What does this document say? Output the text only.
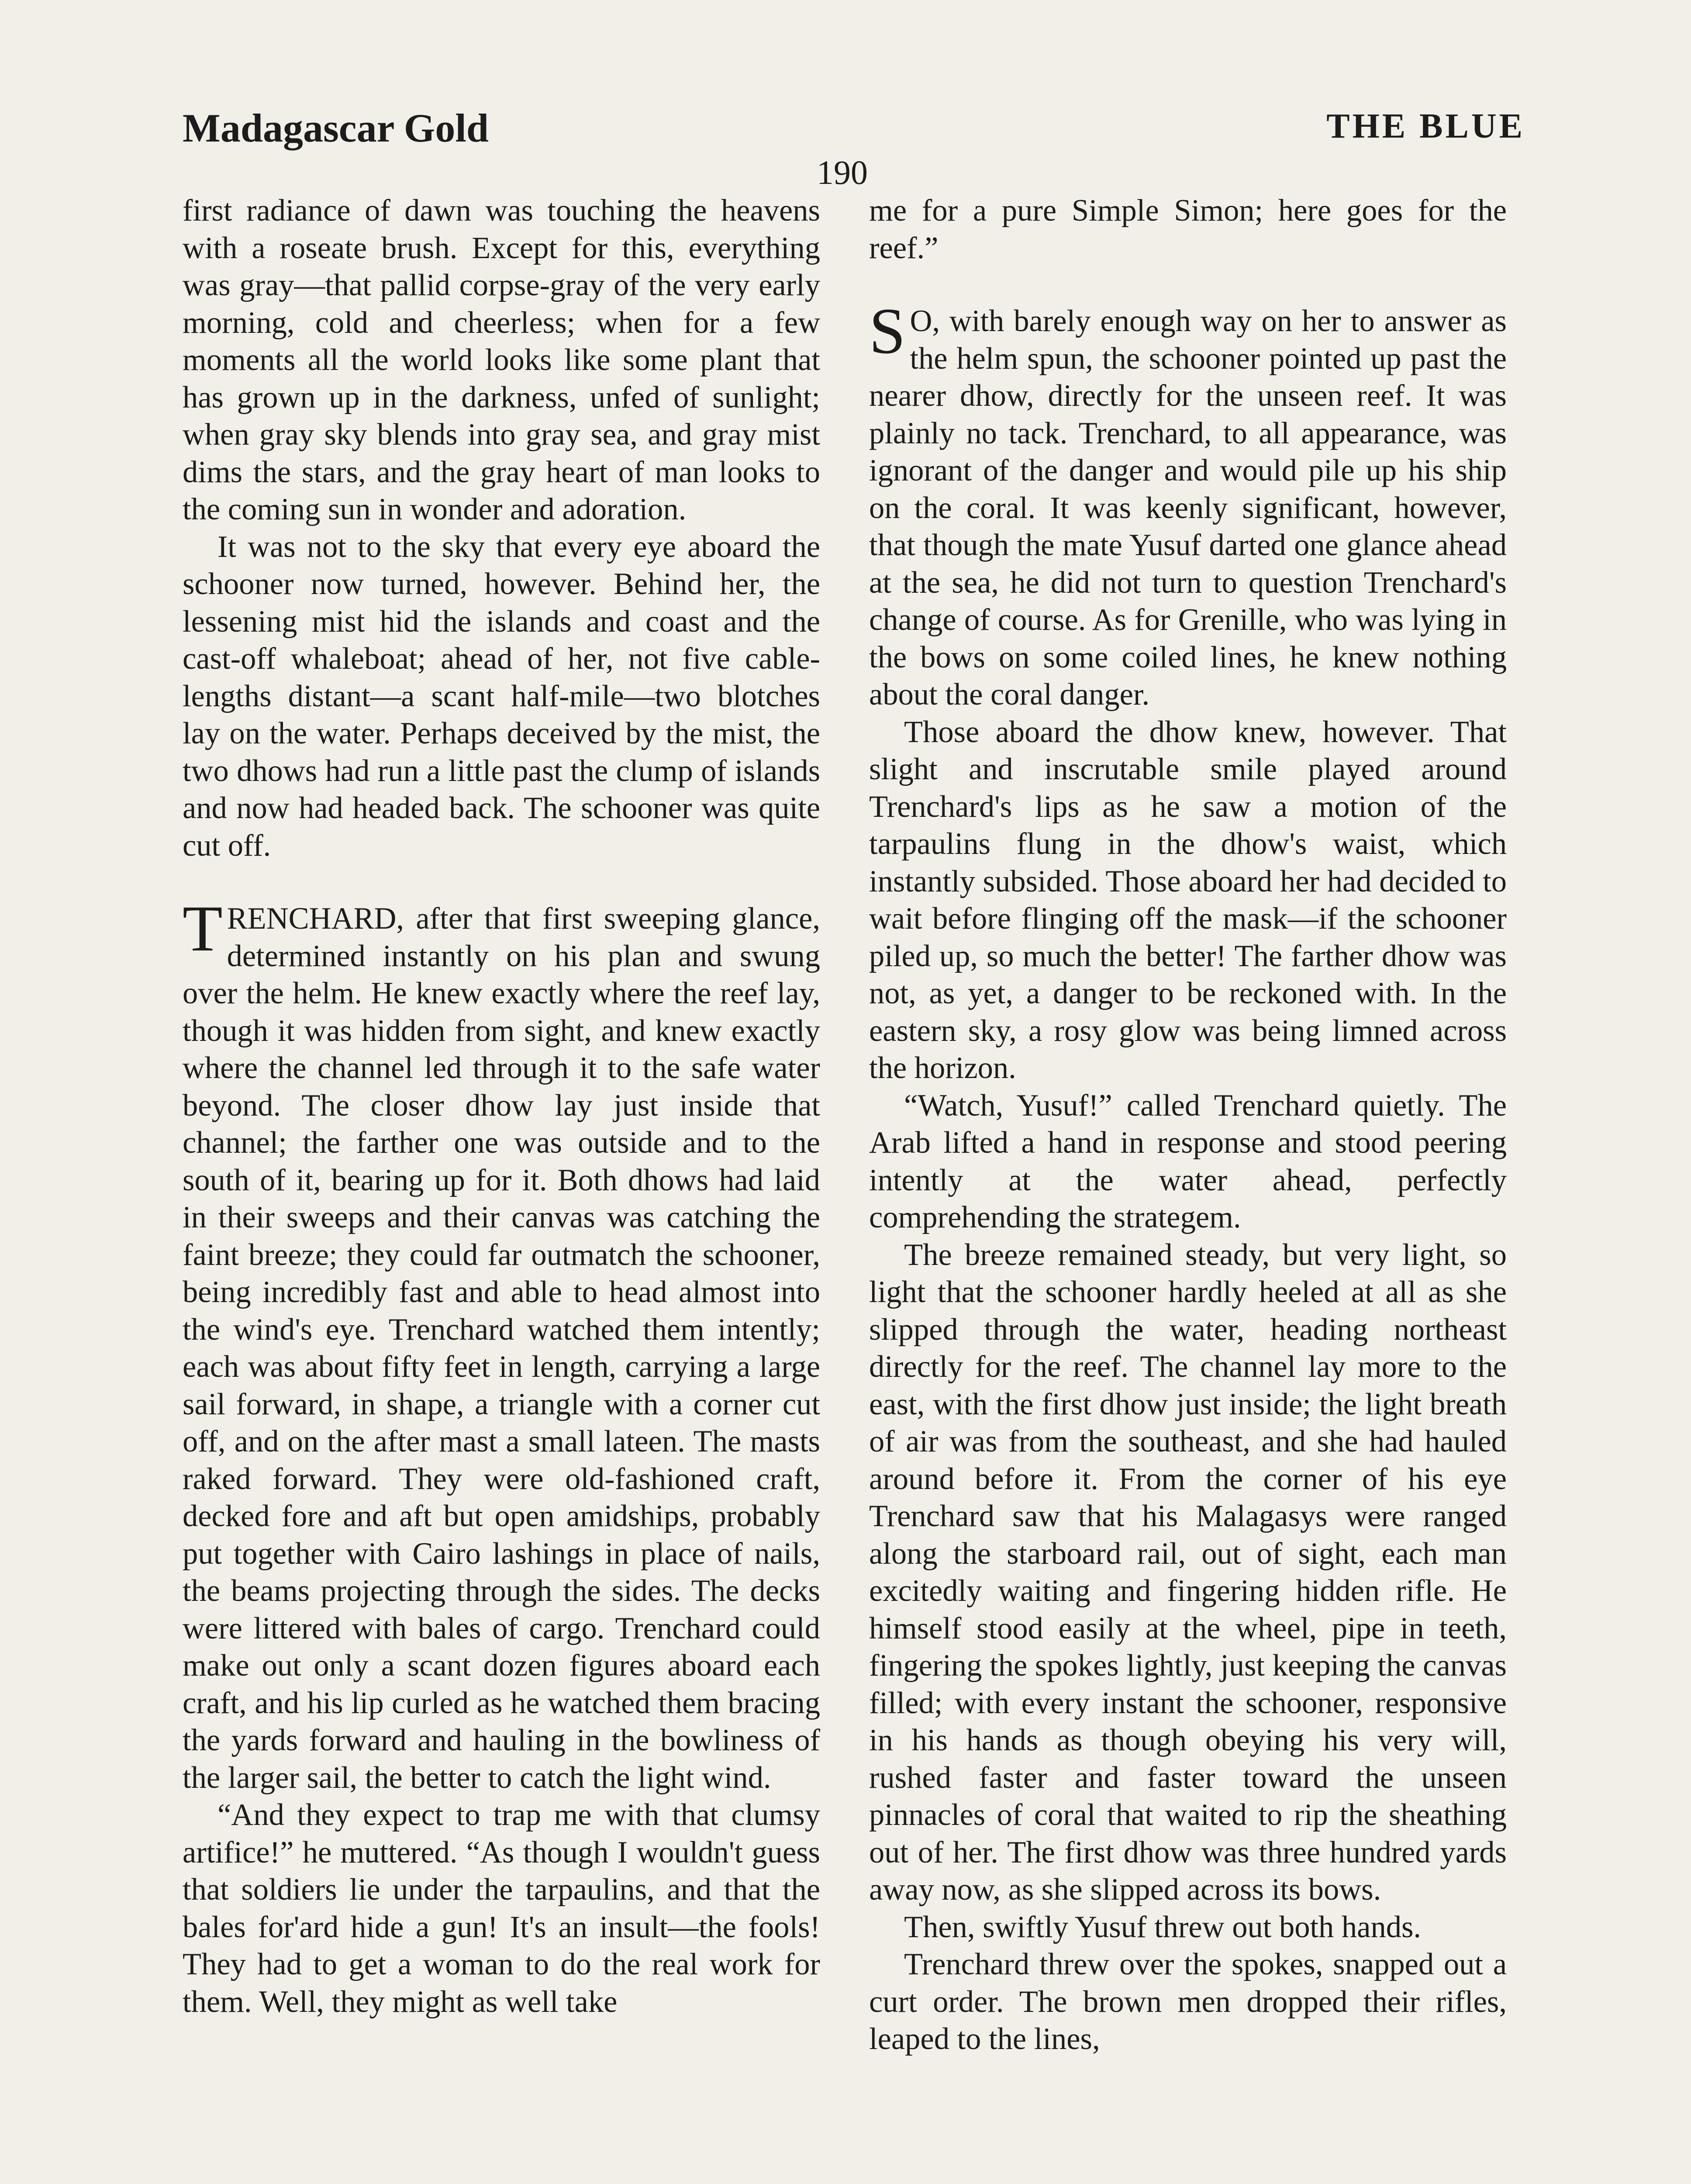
Madagascar Gold	THE BLUE
190

first radiance of dawn was touching the heavens with a roseate brush. Except for this, everything was gray—that pallid corpse-gray of the very early morning, cold and cheerless; when for a few moments all the world looks like some plant that has grown up in the darkness, unfed of sunlight; when gray sky blends into gray sea, and gray mist dims the stars, and the gray heart of man looks to the coming sun in wonder and adoration.

It was not to the sky that every eye aboard the schooner now turned, however. Behind her, the lessening mist hid the islands and coast and the cast-off whaleboat; ahead of her, not five cable-lengths distant—a scant half-mile—two blotches lay on the water. Perhaps deceived by the mist, the two dhows had run a little past the clump of islands and now had headed back. The schooner was quite cut off.

TRENCHARD, after that first sweeping glance, determined instantly on his plan and swung over the helm. He knew exactly where the reef lay, though it was hidden from sight, and knew exactly where the channel led through it to the safe water beyond. The closer dhow lay just inside that channel; the farther one was outside and to the south of it, bearing up for it. Both dhows had laid in their sweeps and their canvas was catching the faint breeze; they could far outmatch the schooner, being incredibly fast and able to head almost into the wind's eye. Trenchard watched them intently; each was about fifty feet in length, carrying a large sail forward, in shape, a triangle with a corner cut off, and on the after mast a small lateen. The masts raked forward. They were old-fashioned craft, decked fore and aft but open amidships, probably put together with Cairo lashings in place of nails, the beams projecting through the sides. The decks were littered with bales of cargo. Trenchard could make out only a scant dozen figures aboard each craft, and his lip curled as he watched them bracing the yards forward and hauling in the bowliness of the larger sail, the better to catch the light wind.

“And they expect to trap me with that clumsy artifice!” he muttered. “As though I wouldn't guess that soldiers lie under the tarpaulins, and that the bales for'ard hide a gun! It's an insult—the fools! They had to get a woman to do the real work for them. Well, they might as well take

me for a pure Simple Simon; here goes for the reef.”

S O, with barely enough way on her to answer as the helm spun, the schooner pointed up past the nearer dhow, directly for the unseen reef. It was plainly no tack. Trenchard, to all appearance, was ignorant of the danger and would pile up his ship on the coral. It was keenly significant, however, that though the mate Yusuf darted one glance ahead at the sea, he did not turn to question Trenchard's change of course. As for Grenille, who was lying in the bows on some coiled lines, he knew nothing about the coral danger.

Those aboard the dhow knew, however. That slight and inscrutable smile played around Trenchard's lips as he saw a motion of the tarpaulins flung in the dhow's waist, which instantly subsided. Those aboard her had decided to wait before flinging off the mask—if the schooner piled up, so much the better! The farther dhow was not, as yet, a danger to be reckoned with. In the eastern sky, a rosy glow was being limned across the horizon.

“Watch, Yusuf!” called Trenchard quietly. The Arab lifted a hand in response and stood peering intently at the water ahead, perfectly comprehending the strategem.

The breeze remained steady, but very light, so light that the schooner hardly heeled at all as she slipped through the water, heading northeast directly for the reef. The channel lay more to the east, with the first dhow just inside; the light breath of air was from the southeast, and she had hauled around before it. From the corner of his eye Trenchard saw that his Malagasys were ranged along the starboard rail, out of sight, each man excitedly waiting and fingering hidden rifle. He himself stood easily at the wheel, pipe in teeth, fingering the spokes lightly, just keeping the canvas filled; with every instant the schooner, responsive in his hands as though obeying his very will, rushed faster and faster toward the unseen pinnacles of coral that waited to rip the sheathing out of her. The first dhow was three hundred yards away now, as she slipped across its bows.

Then, swiftly Yusuf threw out both hands.

Trenchard threw over the spokes, snapped out a curt order. The brown men dropped their rifles, leaped to the lines,
